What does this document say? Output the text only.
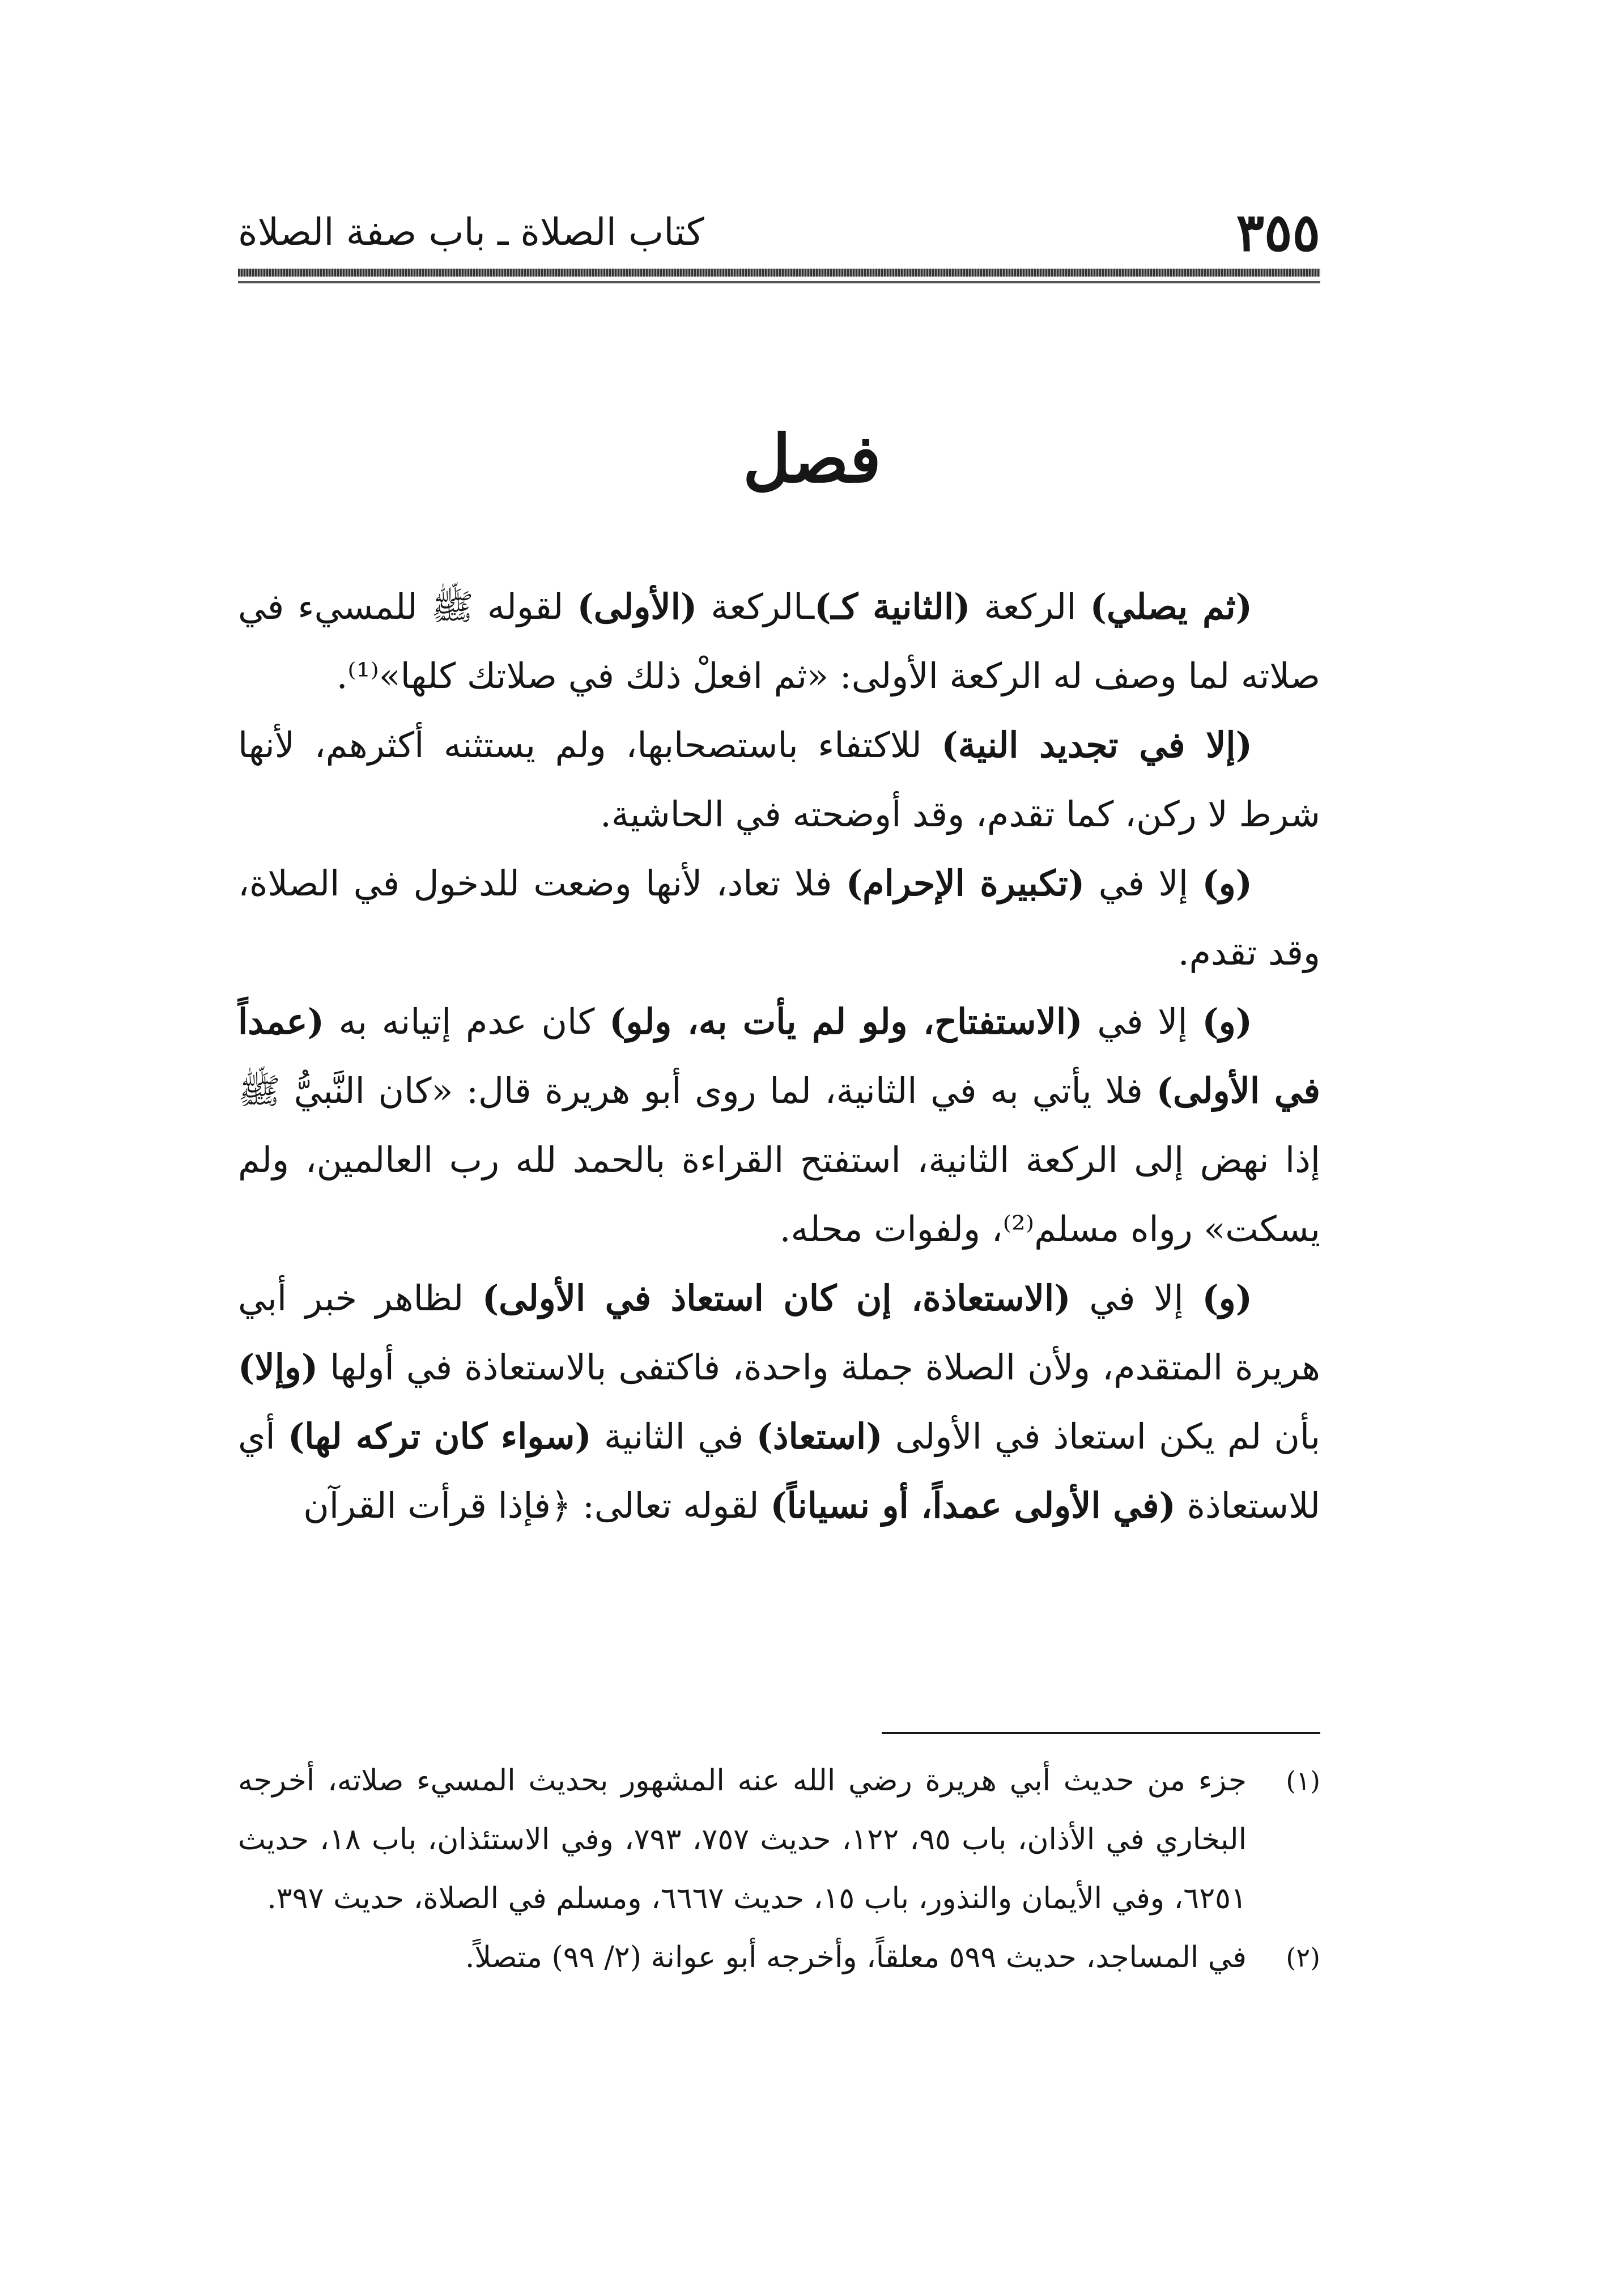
٣٥٥
كتاب الصلاة ـ باب صفة الصلاة
فصل

(ثم يصلي) الركعة (الثانية كـ)ـالركعة (الأولى) لقوله ﷺ للمسيء في صلاته لما وصف له الركعة الأولى: «ثم افعلْ ذلك في صلاتك كلها»⁽¹⁾.

(إلا في تجديد النية) للاكتفاء باستصحابها، ولم يستثنه أكثرهم، لأنها شرط لا ركن، كما تقدم، وقد أوضحته في الحاشية.

(و) إلا في (تكبيرة الإحرام) فلا تعاد، لأنها وضعت للدخول في الصلاة، وقد تقدم.

(و) إلا في (الاستفتاح، ولو لم يأت به، ولو) كان عدم إتيانه به (عمداً في الأولى) فلا يأتي به في الثانية، لما روى أبو هريرة قال: «كان النَّبيُّ ﷺ إذا نهض إلى الركعة الثانية، استفتح القراءة بالحمد لله رب العالمين، ولم يسكت» رواه مسلم⁽²⁾، ولفوات محله.

(و) إلا في (الاستعاذة، إن كان استعاذ في الأولى) لظاهر خبر أبي هريرة المتقدم، ولأن الصلاة جملة واحدة، فاكتفى بالاستعاذة في أولها (وإلا) بأن لم يكن استعاذ في الأولى (استعاذ) في الثانية (سواء كان تركه لها) أي للاستعاذة (في الأولى عمداً، أو نسياناً) لقوله تعالى: ﴿فإذا قرأت القرآن

(١)
جزء من حديث أبي هريرة رضي الله عنه المشهور بحديث المسيء صلاته، أخرجه البخاري في الأذان، باب ٩٥، ١٢٢، حديث ٧٥٧، ٧٩٣، وفي الاستئذان، باب ١٨، حديث ٦٢٥١، وفي الأيمان والنذور، باب ١٥، حديث ٦٦٦٧، ومسلم في الصلاة، حديث ٣٩٧.
(٢)
في المساجد، حديث ٥٩٩ معلقاً، وأخرجه أبو عوانة (٢/ ٩٩) متصلاً.
